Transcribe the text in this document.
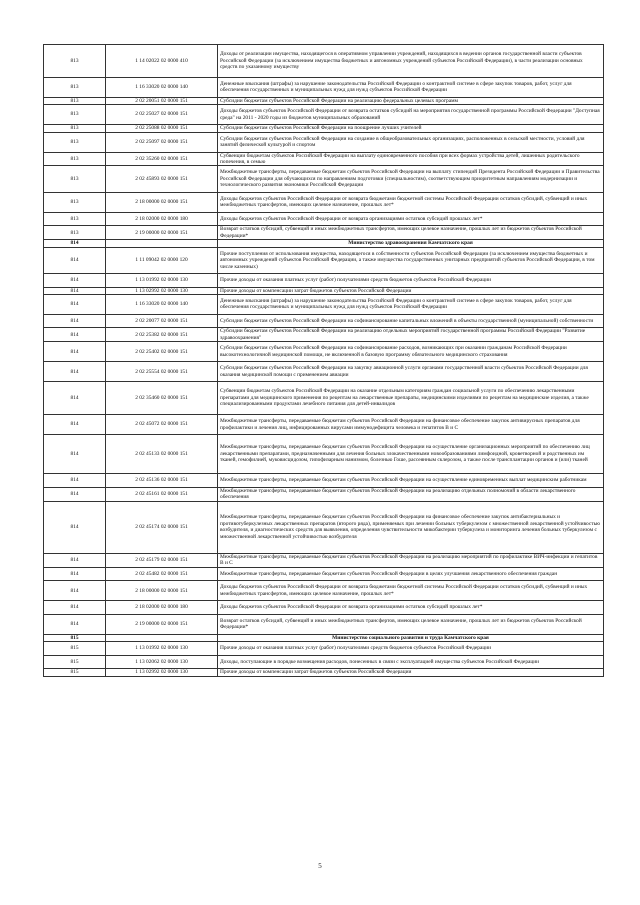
813	1 14 02022 02 0000 410	Доходы от реализации имущества, находящегося в оперативном управлении учреждений, находящихся в ведении органов государственной власти субъектов Российской Федерации (за исключением имущества бюджетных и автономных учреждений субъектов Российской Федерации), в части реализации основных средств по указанному имуществу
813	1 16 33020 02 0000 140	Денежные взыскания (штрафы) за нарушение законодательства Российской Федерации о контрактной системе в сфере закупок товаров, работ, услуг для обеспечения государственных и муниципальных нужд для нужд субъектов Российской Федерации
813	2 02 20051 02 0000 151	Субсидии бюджетам субъектов Российской Федерации на реализацию федеральных целевых программ
813	2 02 25027 02 0000 151	Доходы бюджетов субъектов Российской Федерации от возврата остатков субсидий на мероприятия государственной программы Российской Федерации "Доступная среда" на 2011 - 2020 годы из бюджетов муниципальных образований
813	2 02 25088 02 0000 151	Субсидии бюджетам субъектов Российской Федерации на поощрение лучших учителей
813	2 02 25097 02 0000 151	Субсидии бюджетам субъектов Российской Федерации на создание в общеобразовательных организациях, расположенных в сельской местности, условий для занятий физической культурой и спортом
813	2 02 35260 02 0000 151	Субвенции бюджетам субъектов Российской Федерации на выплату единовременного пособия при всех формах устройства детей, лишенных родительского попечения, в семью
813	2 02 45893 02 0000 151	Межбюджетные трансферты, передаваемые бюджетам субъектов Российской Федерации на выплату стипендий Президента Российской Федерации и Правительства Российской Федерации для обучающихся по направлениям подготовки (специальностям), соответствующим приоритетным направлениям модернизации и технологического развития экономики Российской Федерации
813	2 18 00000 02 0000 151	Доходы бюджетов субъектов Российской Федерации от возврата бюджетами бюджетной системы Российской Федерации остатков субсидий, субвенций и иных межбюджетных трансфертов, имеющих целевое назначение, прошлых лет*
813	2 18 02000 02 0000 180	Доходы бюджетов субъектов Российской Федерации от возврата организациями остатков субсидий прошлых лет*
813	2 19 00000 02 0000 151	Возврат остатков субсидий, субвенций и иных межбюджетных трансфертов, имеющих целевое назначение, прошлых лет из бюджетов субъектов Российской Федерации*
814		Министерство здравоохранения Камчатского края
814	1 11 09042 02 0000 120	Прочие поступления от использования имущества, находящегося в собственности субъектов Российской Федерации (за исключением имущества бюджетных и автономных учреждений субъектов Российской Федерации, а также имущества государственных унитарных предприятий субъектов Российской Федерации, в том числе казенных)
814	1 13 01992 02 0000 130	Прочие доходы от оказания платных услуг (работ) получателями средств бюджетов субъектов Российской Федерации
814	1 13 02992 02 0000 130	Прочие доходы от компенсации затрат бюджетов субъектов Российской Федерации
814	1 16 33020 02 0000 140	Денежные взыскания (штрафы) за нарушение законодательства Российской Федерации о контрактной системе в сфере закупок товаров, работ, услуг для обеспечения государственных и муниципальных нужд для нужд субъектов Российской Федерации
814	2 02 20077 02 0000 151	Субсидии бюджетам субъектов Российской Федерации на софинансирование капитальных вложений в объекты государственной (муниципальной) собственности
814	2 02 25382 02 0000 151	Субсидии бюджетам субъектов Российской Федерации на реализацию отдельных мероприятий государственной программы Российской Федерации "Развитие здравоохранения"
814	2 02 25402 02 0000 151	Субсидии бюджетам субъектов Российской Федерации на софинансирование расходов, возникающих при оказании гражданам Российской Федерации высокотехнологичной медицинской помощи, не включенной в базовую программу обязательного медицинского страхования
814	2 02 25554 02 0000 151	Субсидии бюджетам субъектов Российской Федерации на закупку авиационной услуги органами государственной власти субъектов Российской Федерации для оказания медицинской помощи с применением авиации
814	2 02 35460 02 0000 151	Субвенции бюджетам субъектов Российской Федерации на оказание отдельным категориям граждан социальной услуги по обеспечению лекарственными препаратами для медицинского применения по рецептам на лекарственные препараты, медицинскими изделиями по рецептам на медицинские изделия, а также специализированными продуктами лечебного питания для детей-инвалидов
814	2 02 45072 02 0000 151	Межбюджетные трансферты, передаваемые бюджетам субъектов Российской Федерации на финансовое обеспечение закупок антивирусных препаратов для профилактики и лечения лиц, инфицированных вирусами иммунодефицита человека и гепатитов B и C
814	2 02 45133 02 0000 151	Межбюджетные трансферты, передаваемые бюджетам субъектов Российской Федерации на осуществление организационных мероприятий по обеспечению лиц лекарственными препаратами, предназначенными для лечения больных злокачественными новообразованиями лимфоидной, кроветворной и родственных им тканей, гемофилией, муковисцидозом, гипофизарным нанизмом, болезнью Гоше, рассеянным склерозом, а также после трансплантации органов и (или) тканей
814	2 02 45136 02 0000 151	Межбюджетные трансферты, передаваемые бюджетам субъектов Российской Федерации на осуществление единовременных выплат медицинским работникам
814	2 02 45161 02 0000 151	Межбюджетные трансферты, передаваемые бюджетам субъектов Российской Федерации на реализацию отдельных полномочий в области лекарственного обеспечения
814	2 02 45174 02 0000 151	Межбюджетные трансферты, передаваемые бюджетам субъектов Российской Федерации на финансовое обеспечение закупок антибактериальных и противотуберкулезных лекарственных препаратов (второго ряда), применяемых при лечении больных туберкулезом с множественной лекарственной устойчивостью возбудителя, и диагностических средств для выявления, определения чувствительности микобактерии туберкулеза и мониторинга лечения больных туберкулезом с множественной лекарственной устойчивостью возбудителя
814	2 02 45179 02 0000 151	Межбюджетные трансферты, передаваемые бюджетам субъектов Российской Федерации на реализацию мероприятий по профилактике ВИЧ-инфекции и гепатитов B и C
814	2 02 45482 02 0000 151	Межбюджетные трансферты, передаваемые бюджетам субъектов Российской Федерации в целях улучшения лекарственного обеспечения граждан
814	2 18 00000 02 0000 151	Доходы бюджетов субъектов Российской Федерации от возврата бюджетами бюджетной системы Российской Федерации остатков субсидий, субвенций и иных межбюджетных трансфертов, имеющих целевое назначение, прошлых лет*
814	2 18 02000 02 0000 180	Доходы бюджетов субъектов Российской Федерации от возврата организациями остатков субсидий прошлых лет*
814	2 19 00000 02 0000 151	Возврат остатков субсидий, субвенций и иных межбюджетных трансфертов, имеющих целевое назначение, прошлых лет из бюджетов субъектов Российской Федерации*
815		Министерство социального развития и труда Камчатского края
815	1 13 01992 02 0000 130	Прочие доходы от оказания платных услуг (работ) получателями средств бюджетов субъектов Российской Федерации
815	1 13 02062 02 0000 130	Доходы, поступающие в порядке возмещения расходов, понесенных в связи с эксплуатацией имущества субъектов Российской Федерации
815	1 13 02992 02 0000 130	Прочие доходы от компенсации затрат бюджетов субъектов Российской Федерации
5
